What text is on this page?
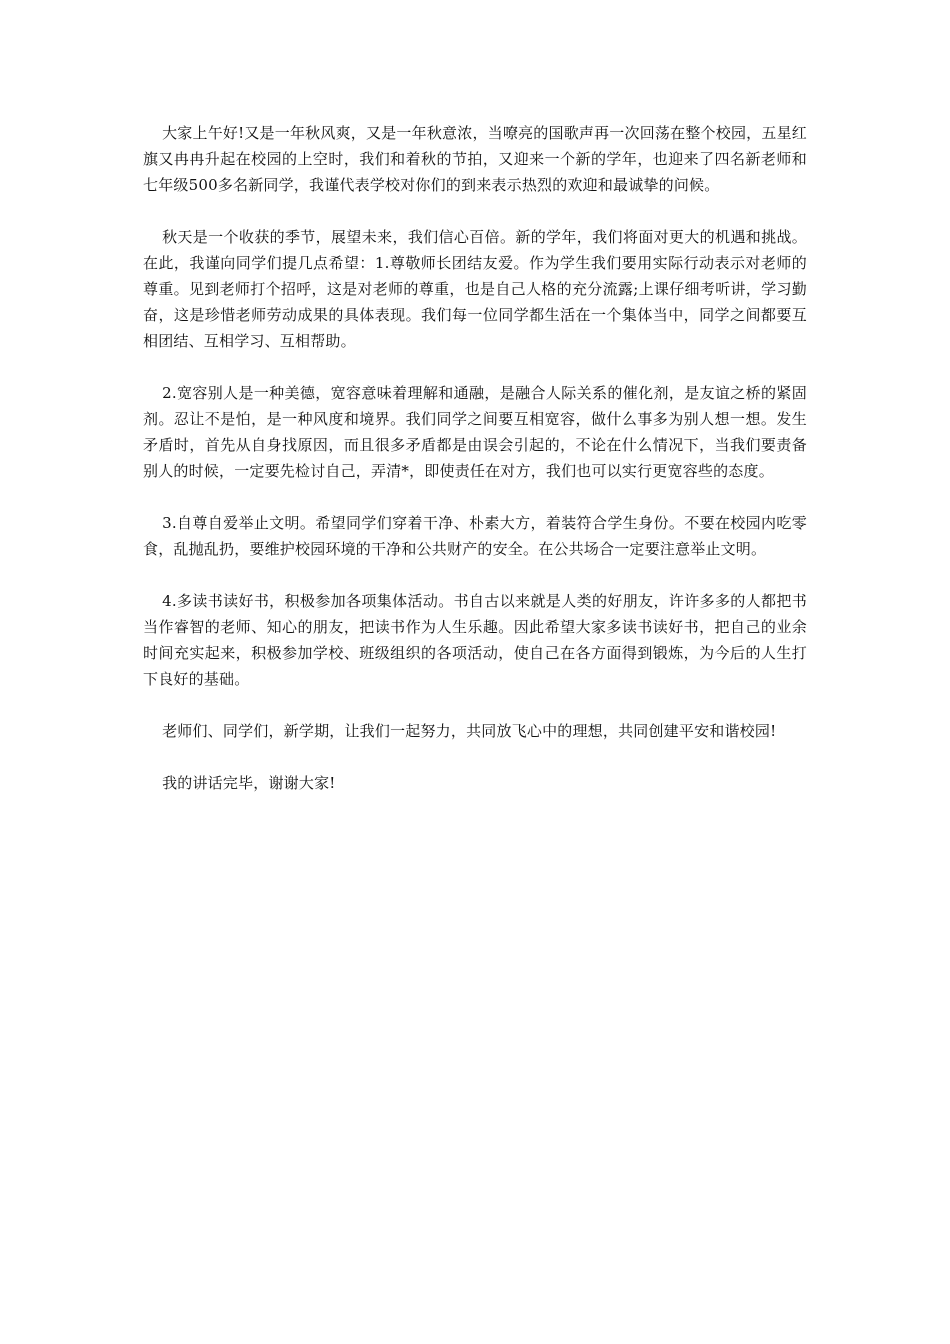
大家上午好!又是一年秋风爽，又是一年秋意浓，当嘹亮的国歌声再一次回荡在整个校园，五星红旗又冉冉升起在校园的上空时，我们和着秋的节拍，又迎来一个新的学年，也迎来了四名新老师和七年级500多名新同学，我谨代表学校对你们的到来表示热烈的欢迎和最诚挚的问候。

秋天是一个收获的季节，展望未来，我们信心百倍。新的学年，我们将面对更大的机遇和挑战。在此，我谨向同学们提几点希望：1.尊敬师长团结友爱。作为学生我们要用实际行动表示对老师的尊重。见到老师打个招呼，这是对老师的尊重，也是自己人格的充分流露;上课仔细考听讲，学习勤奋，这是珍惜老师劳动成果的具体表现。我们每一位同学都生活在一个集体当中，同学之间都要互相团结、互相学习、互相帮助。

2.宽容别人是一种美德，宽容意味着理解和通融，是融合人际关系的催化剂，是友谊之桥的紧固剂。忍让不是怕，是一种风度和境界。我们同学之间要互相宽容，做什么事多为别人想一想。发生矛盾时，首先从自身找原因，而且很多矛盾都是由误会引起的，不论在什么情况下，当我们要责备别人的时候，一定要先检讨自己，弄清*，即使责任在对方，我们也可以实行更宽容些的态度。

3.自尊自爱举止文明。希望同学们穿着干净、朴素大方，着装符合学生身份。不要在校园内吃零食，乱抛乱扔，要维护校园环境的干净和公共财产的安全。在公共场合一定要注意举止文明。

4.多读书读好书，积极参加各项集体活动。书自古以来就是人类的好朋友，许许多多的人都把书当作睿智的老师、知心的朋友，把读书作为人生乐趣。因此希望大家多读书读好书，把自己的业余时间充实起来，积极参加学校、班级组织的各项活动，使自己在各方面得到锻炼，为今后的人生打下良好的基础。

老师们、同学们，新学期，让我们一起努力，共同放飞心中的理想，共同创建平安和谐校园!

我的讲话完毕，谢谢大家!
